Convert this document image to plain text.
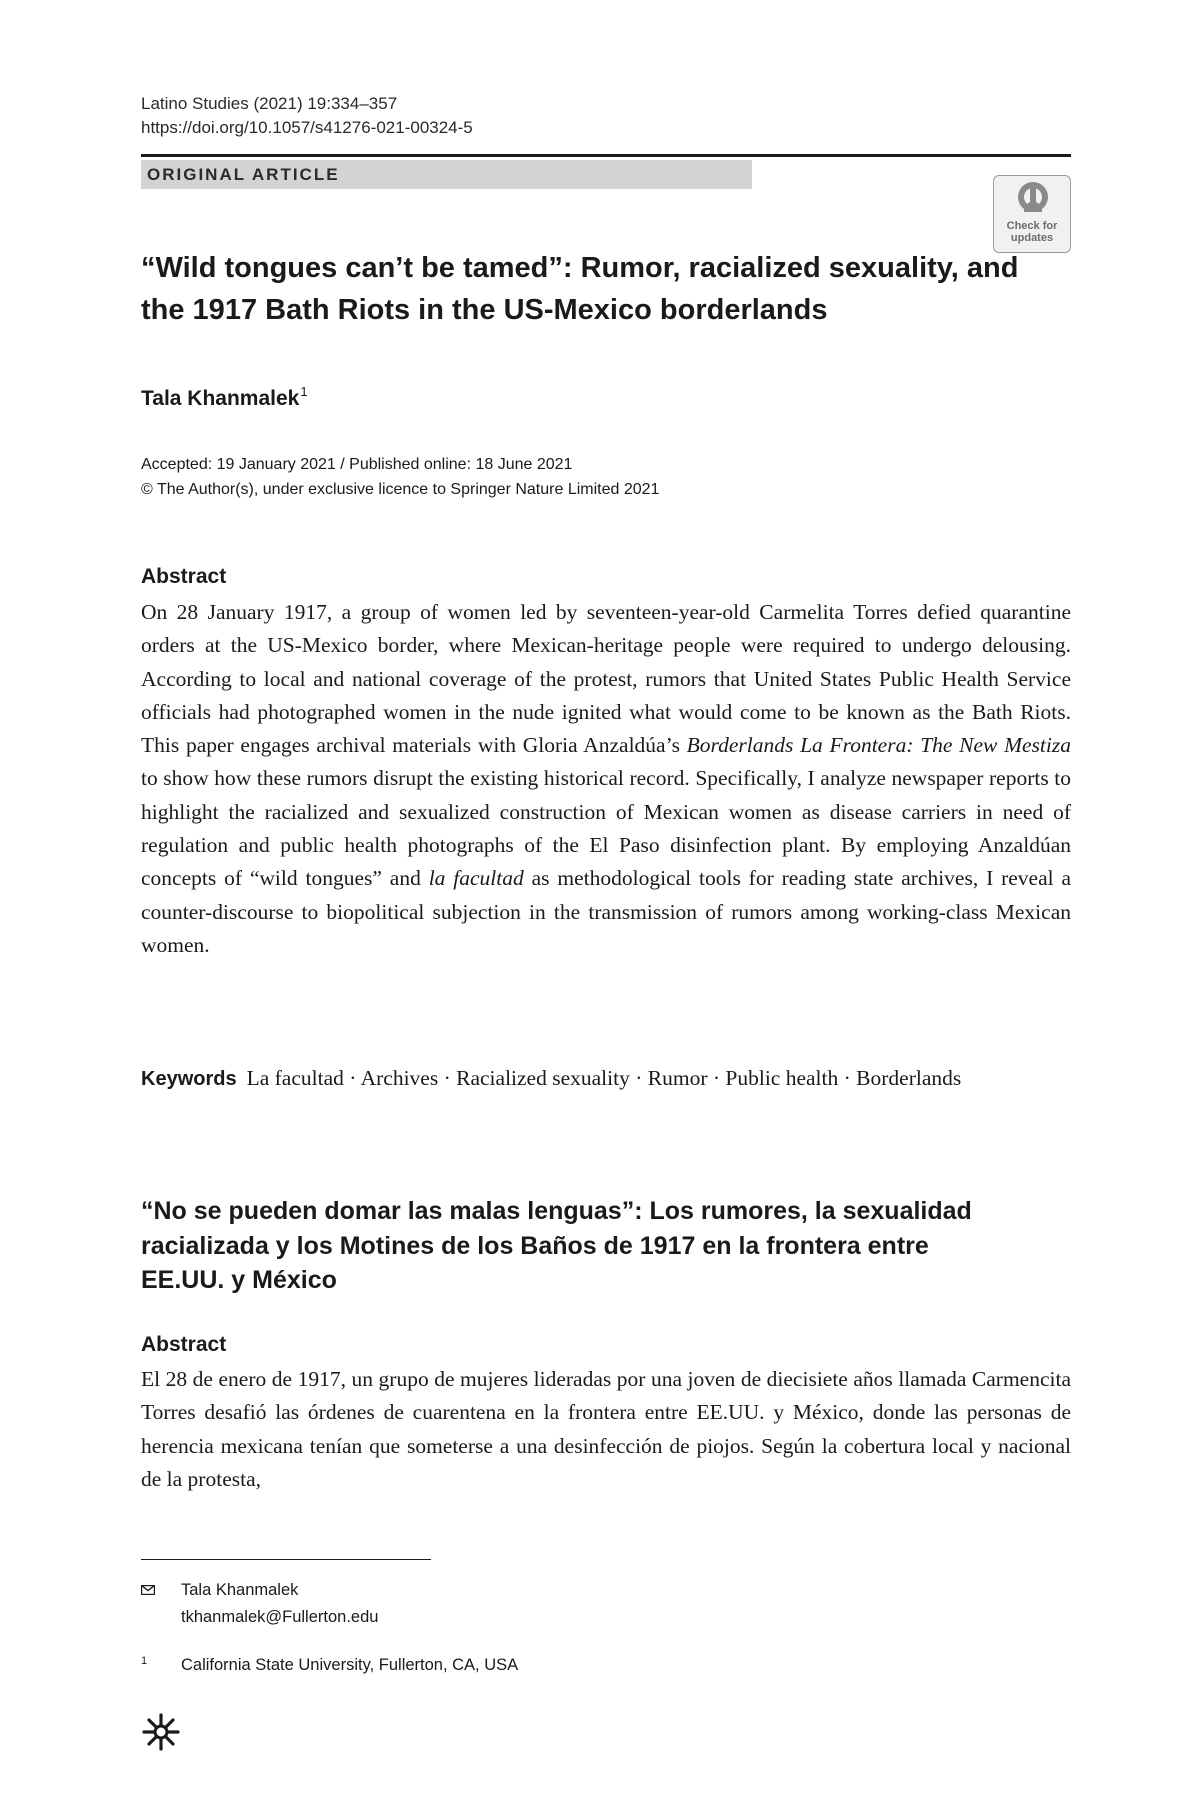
Latino Studies (2021) 19:334–357
https://doi.org/10.1057/s41276-021-00324-5
ORIGINAL ARTICLE
Check for updates
“Wild tongues can’t be tamed”: Rumor, racialized sexuality, and the 1917 Bath Riots in the US-Mexico borderlands
Tala Khanmalek$^1$
Accepted: 19 January 2021 / Published online: 18 June 2021
© The Author(s), under exclusive licence to Springer Nature Limited 2021
Abstract

On 28 January 1917, a group of women led by seventeen-year-old Carmelita Torres defied quarantine orders at the US-Mexico border, where Mexican-heritage people were required to undergo delousing. According to local and national coverage of the protest, rumors that United States Public Health Service officials had photographed women in the nude ignited what would come to be known as the Bath Riots. This paper engages archival materials with Gloria Anzaldúa’s Borderlands La Frontera: The New Mestiza to show how these rumors disrupt the existing historical record. Specifically, I analyze newspaper reports to highlight the racialized and sexualized construction of Mexican women as disease carriers in need of regulation and public health photographs of the El Paso disinfection plant. By employing Anzaldúan concepts of “wild tongues” and la facultad as methodological tools for reading state archives, I reveal a counter-discourse to biopolitical subjection in the transmission of rumors among working-class Mexican women.

Keywords La facultad · Archives · Racialized sexuality · Rumor · Public health · Borderlands
“No se pueden domar las malas lenguas”: Los rumores, la sexualidad racializada y los Motines de los Baños de 1917 en la frontera entre EE.UU. y México
Abstract

El 28 de enero de 1917, un grupo de mujeres lideradas por una joven de diecisiete años llamada Carmencita Torres desafió las órdenes de cuarentena en la frontera entre EE.UU. y México, donde las personas de herencia mexicana tenían que someterse a una desinfección de piojos. Según la cobertura local y nacional de la protesta,

Tala Khanmalek
tkhanmalek@Fullerton.edu
1 California State University, Fullerton, CA, USA
